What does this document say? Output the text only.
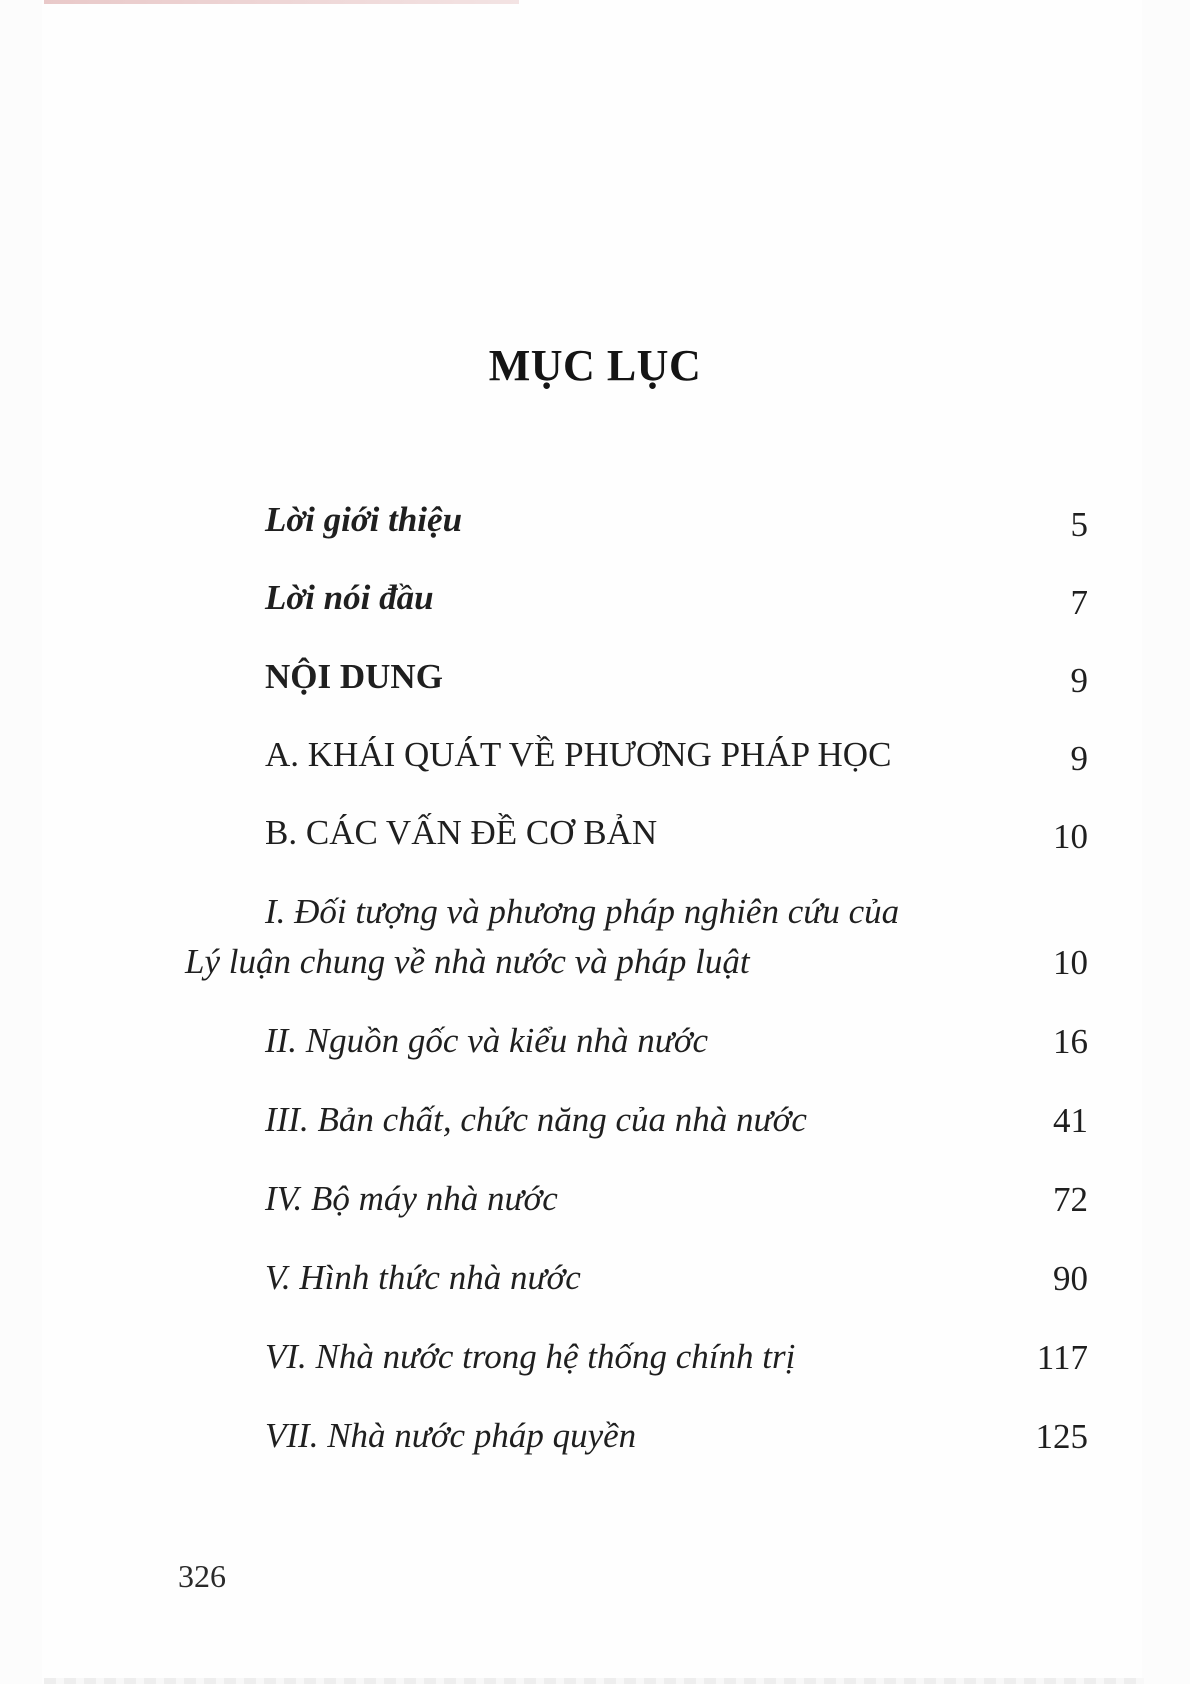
MỤC LỤC
Lời giới thiệu	5
Lời nói đầu	7
NỘI DUNG	9
A. KHÁI QUÁT VỀ PHƯƠNG PHÁP HỌC	9
B. CÁC VẤN ĐỀ CƠ BẢN	10
I. Đối tượng và phương pháp nghiên cứu của
Lý luận chung về nhà nước và pháp luật	10
II. Nguồn gốc và kiểu nhà nước	16
III. Bản chất, chức năng của nhà nước	41
IV. Bộ máy nhà nước	72
V. Hình thức nhà nước	90
VI. Nhà nước trong hệ thống chính trị	117
VII. Nhà nước pháp quyền	125
326
